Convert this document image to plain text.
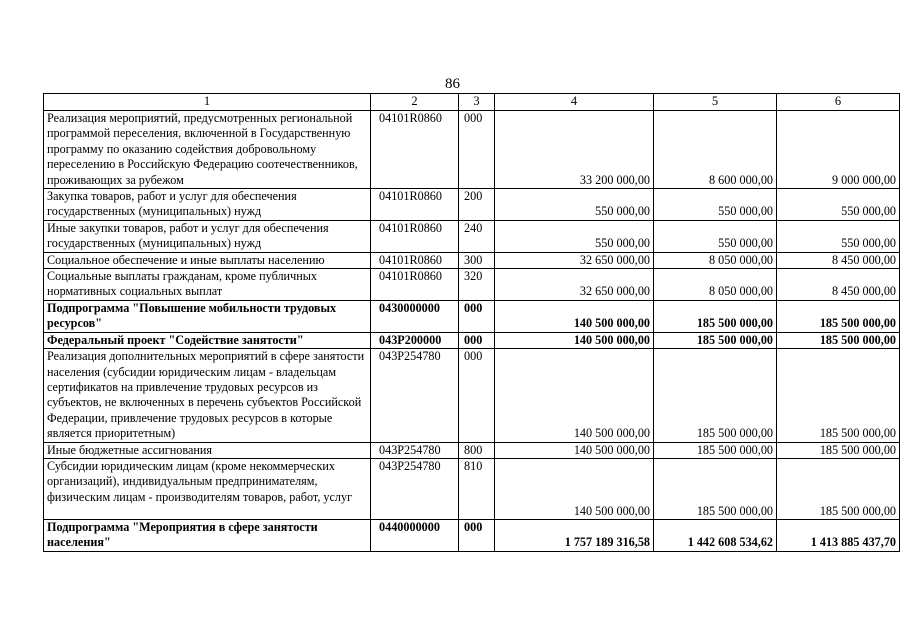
86
1	2	3	4	5	6
Реализация мероприятий, предусмотренных региональной программой переселения, включенной в Государственную программу по оказанию содействия добровольному переселению в Российскую Федерацию соотечественников, проживающих за рубежом	04101R0860	000	33 200 000,00	8 600 000,00	9 000 000,00
Закупка товаров, работ и услуг для обеспечения государственных (муниципальных) нужд	04101R0860	200	550 000,00	550 000,00	550 000,00
Иные закупки товаров, работ и услуг для обеспечения государственных (муниципальных) нужд	04101R0860	240	550 000,00	550 000,00	550 000,00
Социальное обеспечение и иные выплаты населению	04101R0860	300	32 650 000,00	8 050 000,00	8 450 000,00
Социальные выплаты гражданам, кроме публичных нормативных социальных выплат	04101R0860	320	32 650 000,00	8 050 000,00	8 450 000,00
Подпрограмма "Повышение мобильности трудовых ресурсов"	0430000000	000	140 500 000,00	185 500 000,00	185 500 000,00
Федеральный проект "Содействие занятости"	043P200000	000	140 500 000,00	185 500 000,00	185 500 000,00
Реализация дополнительных мероприятий в сфере занятости населения (субсидии юридическим лицам - владельцам сертификатов на привлечение трудовых ресурсов из субъектов, не включенных в перечень субъектов Российской Федерации, привлечение трудовых ресурсов в которые является приоритетным)	043P254780	000	140 500 000,00	185 500 000,00	185 500 000,00
Иные бюджетные ассигнования	043P254780	800	140 500 000,00	185 500 000,00	185 500 000,00
Субсидии юридическим лицам (кроме некоммерческих организаций), индивидуальным предпринимателям, физическим лицам - производителям товаров, работ, услуг	043P254780	810	140 500 000,00	185 500 000,00	185 500 000,00
Подпрограмма "Мероприятия в сфере занятости населения"	0440000000	000	1 757 189 316,58	1 442 608 534,62	1 413 885 437,70
